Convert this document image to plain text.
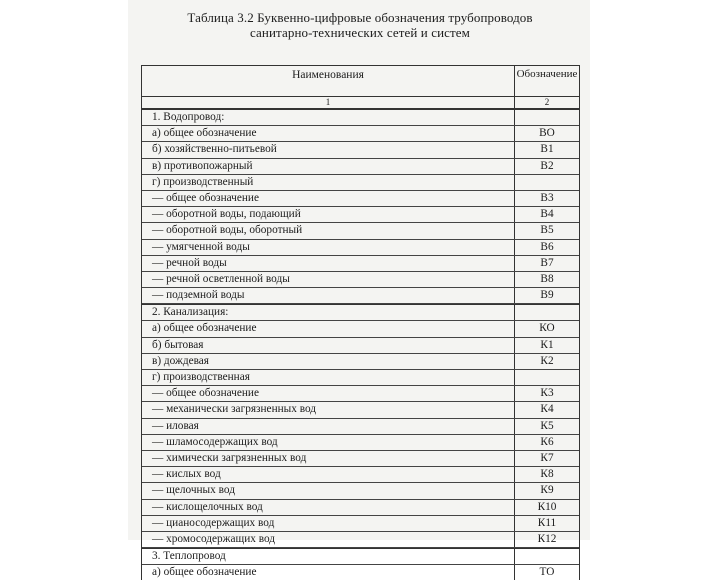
Таблица 3.2 Буквенно-цифровые обозначения трубопроводов
санитарно-технических сетей и систем
Наименования	Обозначение
1	2
1. Водопровод:
а) общее обозначение	ВО
б) хозяйственно-питьевой	В1
в) противопожарный	В2
г) производственный
— общее обозначение	В3
— оборотной воды, подающий	В4
— оборотной воды, оборотный	В5
— умягченной воды	В6
— речной воды	В7
— речной осветленной воды	В8
— подземной воды	В9
2. Канализация:
а) общее обозначение	КО
б) бытовая	К1
в) дождевая	К2
г) производственная
— общее обозначение	К3
— механически загрязненных вод	К4
— иловая	К5
— шламосодержащих вод	К6
— химически загрязненных вод	К7
— кислых вод	К8
— щелочных вод	К9
— кислощелочных вод	К10
— цианосодержащих вод	К11
— хромосодержащих вод	К12
3. Теплопровод
а) общее обозначение	ТО
